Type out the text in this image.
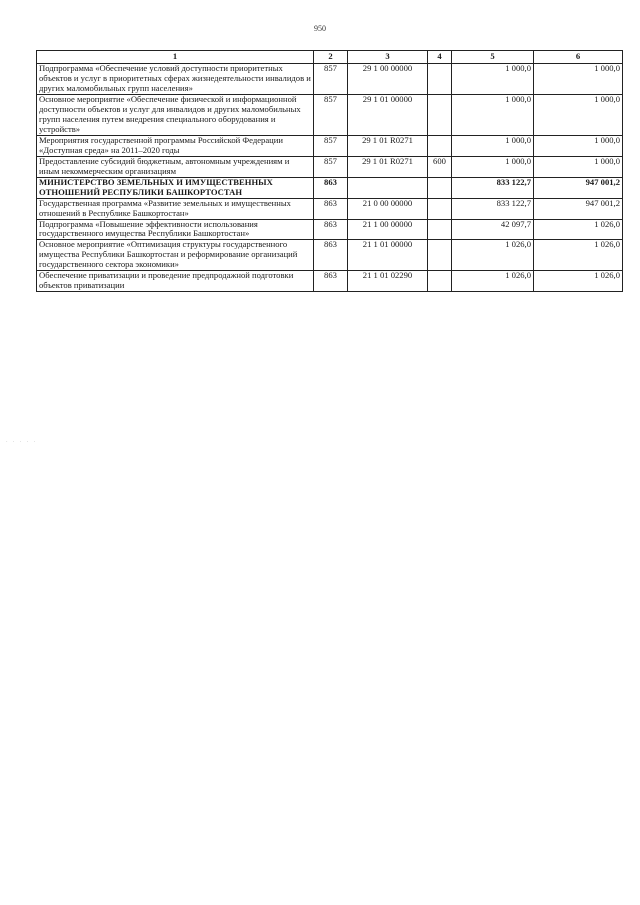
950
1	2	3	4	5	6
Подпрограмма «Обеспечение условий доступности приоритетных объектов и услуг в приоритетных сферах жизнедеятельности инвалидов и других маломобильных групп населения»	857	29 1 00 00000		1 000,0	1 000,0
Основное мероприятие «Обеспечение физической и информационной доступности объектов и услуг для инвалидов и других маломобильных групп населения путем внедрения специального оборудования и устройств»	857	29 1 01 00000		1 000,0	1 000,0
Мероприятия государственной программы Российской Федерации «Доступная среда» на 2011–2020 годы	857	29 1 01 R0271		1 000,0	1 000,0
Предоставление субсидий бюджетным, автономным учреждениям и иным некоммерческим организациям	857	29 1 01 R0271	600	1 000,0	1 000,0
МИНИСТЕРСТВО ЗЕМЕЛЬНЫХ И ИМУЩЕСТВЕННЫХ ОТНОШЕНИЙ РЕСПУБЛИКИ БАШКОРТОСТАН	863			833 122,7	947 001,2
Государственная программа «Развитие земельных и имущественных отношений в Республике Башкортостан»	863	21 0 00 00000		833 122,7	947 001,2
Подпрограмма «Повышение эффективности использования государственного имущества Республики Башкортостан»	863	21 1 00 00000		42 097,7	1 026,0
Основное мероприятие «Оптимизация структуры государственного имущества Республики Башкортостан и реформирование организаций государственного сектора экономики»	863	21 1 01 00000		1 026,0	1 026,0
Обеспечение приватизации и проведение предпродажной подготовки объектов приватизации	863	21 1 01 02290		1 026,0	1 026,0
· · · · ·
